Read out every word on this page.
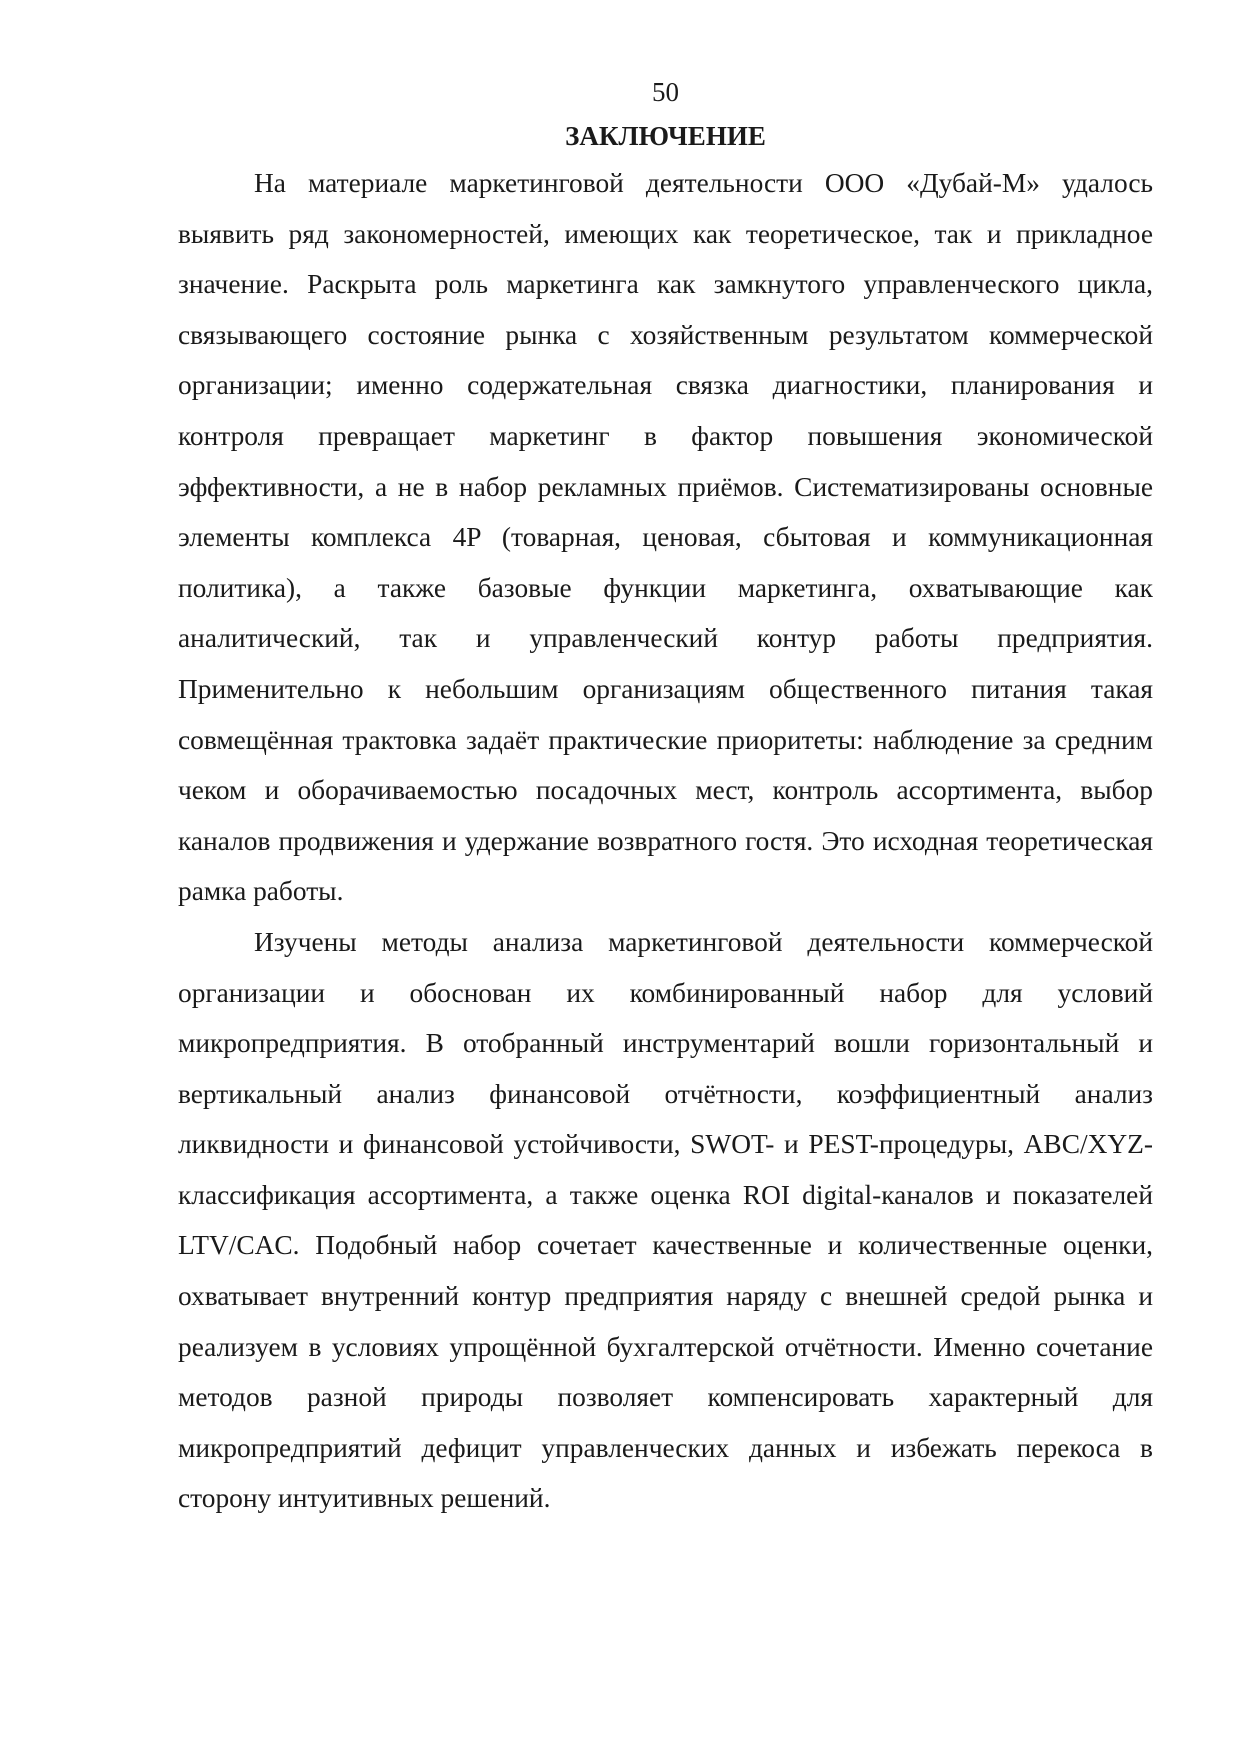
50
ЗАКЛЮЧЕНИЕ

На материале маркетинговой деятельности ООО «Дубай-М» удалось выявить ряд закономерностей, имеющих как теоретическое, так и прикладное значение. Раскрыта роль маркетинга как замкнутого управленческого цикла, связывающего состояние рынка с хозяйственным результатом коммерческой организации; именно содержательная связка диагностики, планирования и контроля превращает маркетинг в фактор повышения экономической эффективности, а не в набор рекламных приёмов. Систематизированы основные элементы комплекса 4P (товарная, ценовая, сбытовая и коммуникационная политика), а также базовые функции маркетинга, охватывающие как аналитический, так и управленческий контур работы предприятия. Применительно к небольшим организациям общественного питания такая совмещённая трактовка задаёт практические приоритеты: наблюдение за средним чеком и оборачиваемостью посадочных мест, контроль ассортимента, выбор каналов продвижения и удержание возвратного гостя. Это исходная теоретическая рамка работы.

Изучены методы анализа маркетинговой деятельности коммерческой организации и обоснован их комбинированный набор для условий микропредприятия. В отобранный инструментарий вошли горизонтальный и вертикальный анализ финансовой отчётности, коэффициентный анализ ликвидности и финансовой устойчивости, SWOT- и PEST-процедуры, ABC/XYZ-классификация ассортимента, а также оценка ROI digital-каналов и показателей LTV/CAC. Подобный набор сочетает качественные и количественные оценки, охватывает внутренний контур предприятия наряду с внешней средой рынка и реализуем в условиях упрощённой бухгалтерской отчётности. Именно сочетание методов разной природы позволяет компенсировать характерный для микропредприятий дефицит управленческих данных и избежать перекоса в сторону интуитивных решений.
